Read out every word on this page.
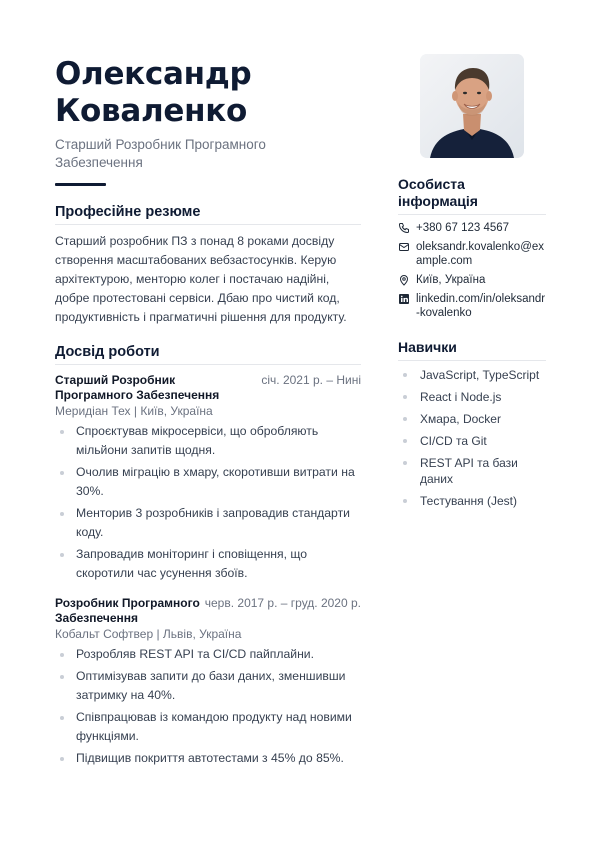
Олександр
Коваленко
Старший Розробник Програмного Забезпечення
Професійне резюме

Старший розробник ПЗ з понад 8 роками досвіду створення масштабованих вебзастосунків. Керую архітектурою, менторю колег і постачаю надійні, добре протестовані сервіси. Дбаю про чистий код, продуктивність і прагматичні рішення для продукту.

Досвід роботи
Старший Розробник Програмного Забезпечення
січ. 2021 р. – Нині
Меридіан Тех | Київ, Україна
Спроєктував мікросервіси, що обробляють мільйони запитів щодня.
Очолив міграцію в хмару, скоротивши витрати на 30%.
Менторив 3 розробників і запровадив стандарти коду.
Запровадив моніторинг і сповіщення, що скоротили час усунення збоїв.
Розробник Програмного Забезпечення
черв. 2017 р. – груд. 2020 р.
Кобальт Софтвер | Львів, Україна
Розробляв REST API та CI/CD пайплайни.
Оптимізував запити до бази даних, зменшивши затримку на 40%.
Співпрацював із командою продукту над новими функціями.
Підвищив покриття автотестами з 45% до 85%.
Особиста інформація
+380 67 123 4567
oleksandr.kovalenko@example.com
Київ, Україна
linkedin.com/in/oleksandr-kovalenko
Навички
JavaScript, TypeScript
React і Node.js
Хмара, Docker
CI/CD та Git
REST API та бази даних
Тестування (Jest)
